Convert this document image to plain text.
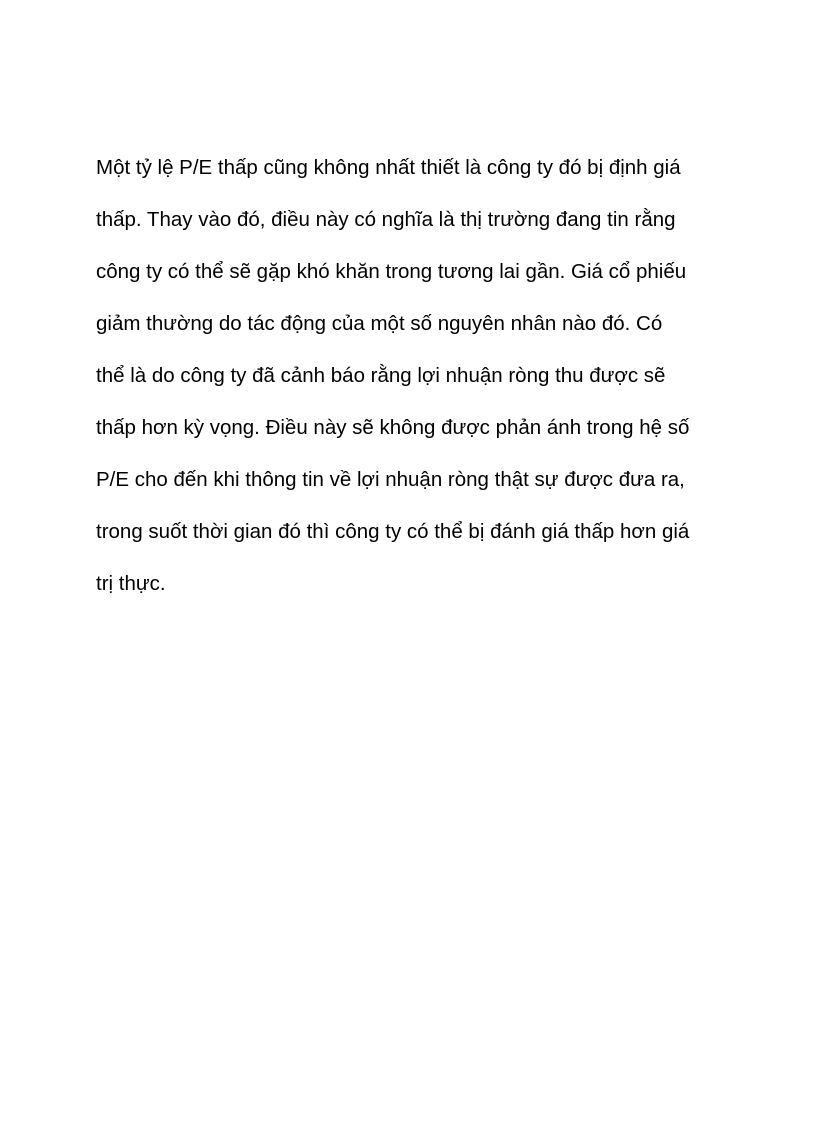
Một tỷ lệ P/E thấp cũng không nhất thiết là công ty đó bị định giá
thấp. Thay vào đó, điều này có nghĩa là thị trường đang tin rằng
công ty có thể sẽ gặp khó khăn trong tương lai gần. Giá cổ phiếu
giảm thường do tác động của một số nguyên nhân nào đó. Có
thể là do công ty đã cảnh báo rằng lợi nhuận ròng thu được sẽ
thấp hơn kỳ vọng. Điều này sẽ không được phản ánh trong hệ số
P/E cho đến khi thông tin về lợi nhuận ròng thật sự được đưa ra,
trong suốt thời gian đó thì công ty có thể bị đánh giá thấp hơn giá
trị thực.
